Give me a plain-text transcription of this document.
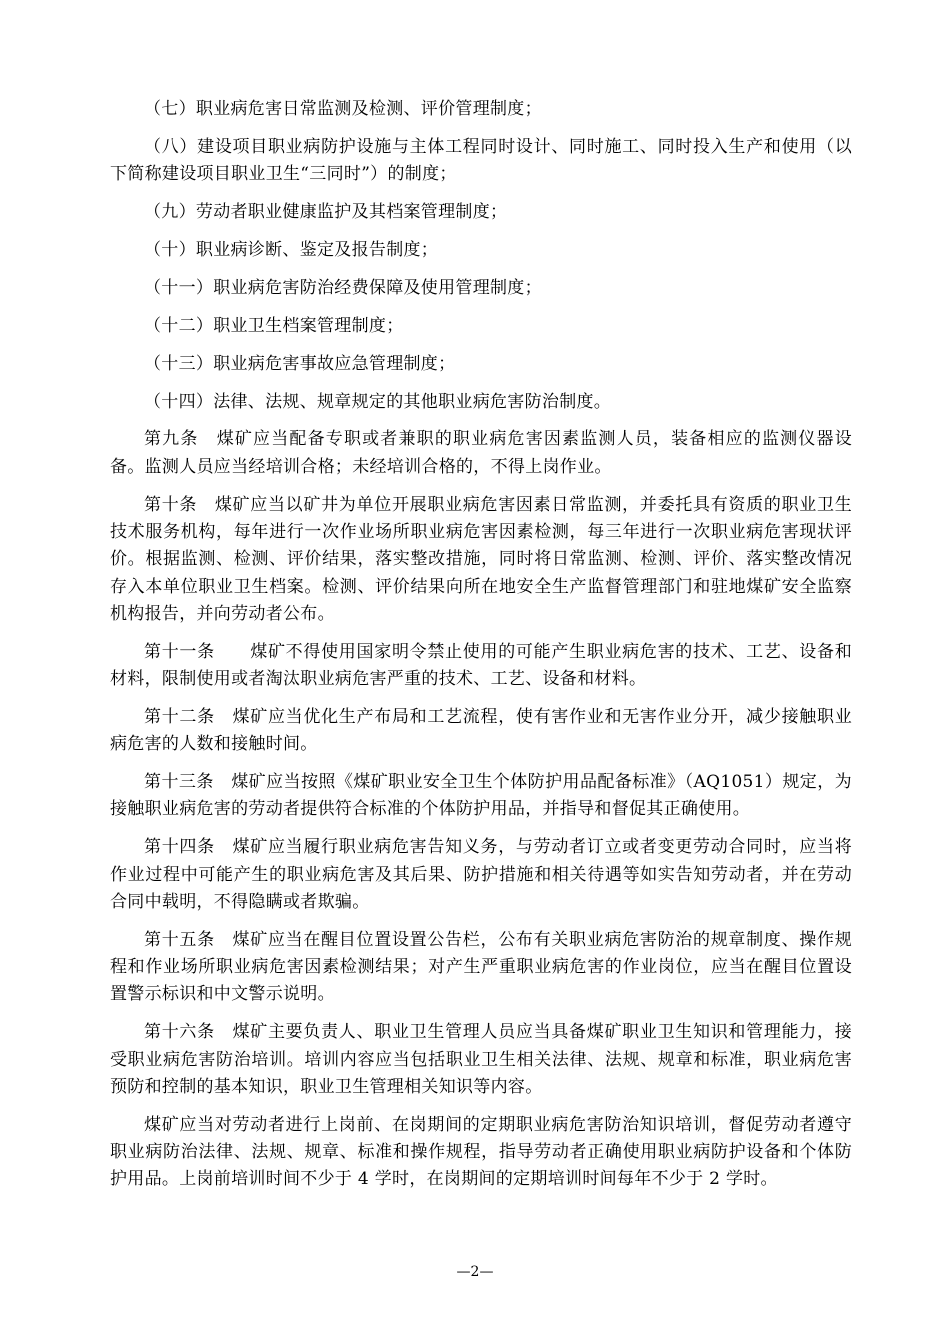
（七）职业病危害日常监测及检测、评价管理制度；

（八）建设项目职业病防护设施与主体工程同时设计、同时施工、同时投入生产和使用（以下简称建设项目职业卫生“三同时”）的制度；

（九）劳动者职业健康监护及其档案管理制度；

（十）职业病诊断、鉴定及报告制度；

（十一）职业病危害防治经费保障及使用管理制度；

（十二）职业卫生档案管理制度；

（十三）职业病危害事故应急管理制度；

（十四）法律、法规、规章规定的其他职业病危害防治制度。

第九条　煤矿应当配备专职或者兼职的职业病危害因素监测人员，装备相应的监测仪器设备。监测人员应当经培训合格；未经培训合格的，不得上岗作业。

第十条　煤矿应当以矿井为单位开展职业病危害因素日常监测，并委托具有资质的职业卫生技术服务机构，每年进行一次作业场所职业病危害因素检测，每三年进行一次职业病危害现状评价。根据监测、检测、评价结果，落实整改措施，同时将日常监测、检测、评价、落实整改情况存入本单位职业卫生档案。检测、评价结果向所在地安全生产监督管理部门和驻地煤矿安全监察机构报告，并向劳动者公布。

第十一条　　煤矿不得使用国家明令禁止使用的可能产生职业病危害的技术、工艺、设备和材料，限制使用或者淘汰职业病危害严重的技术、工艺、设备和材料。

第十二条　煤矿应当优化生产布局和工艺流程，使有害作业和无害作业分开，减少接触职业病危害的人数和接触时间。

第十三条　煤矿应当按照《煤矿职业安全卫生个体防护用品配备标准》（AQ1051）规定，为接触职业病危害的劳动者提供符合标准的个体防护用品，并指导和督促其正确使用。

第十四条　煤矿应当履行职业病危害告知义务，与劳动者订立或者变更劳动合同时，应当将作业过程中可能产生的职业病危害及其后果、防护措施和相关待遇等如实告知劳动者，并在劳动合同中载明，不得隐瞒或者欺骗。

第十五条　煤矿应当在醒目位置设置公告栏，公布有关职业病危害防治的规章制度、操作规程和作业场所职业病危害因素检测结果；对产生严重职业病危害的作业岗位，应当在醒目位置设置警示标识和中文警示说明。

第十六条　煤矿主要负责人、职业卫生管理人员应当具备煤矿职业卫生知识和管理能力，接受职业病危害防治培训。培训内容应当包括职业卫生相关法律、法规、规章和标准，职业病危害预防和控制的基本知识，职业卫生管理相关知识等内容。

煤矿应当对劳动者进行上岗前、在岗期间的定期职业病危害防治知识培训，督促劳动者遵守职业病防治法律、法规、规章、标准和操作规程，指导劳动者正确使用职业病防护设备和个体防护用品。上岗前培训时间不少于 4 学时，在岗期间的定期培训时间每年不少于 2 学时。

—2—
